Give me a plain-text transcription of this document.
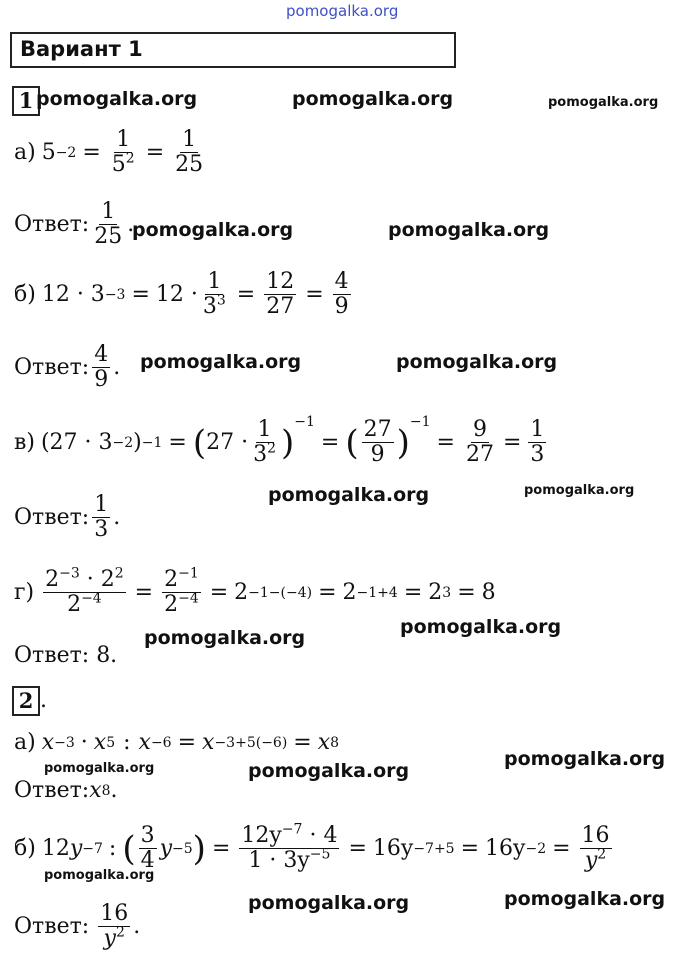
pomogalka.org
Вариант 1
1 pomogalka.org	pomogalka.org	pomogalka.org
а) $5 -2 = \frac{1}{5^2} = \frac{1}{25}$
Ответ: $\frac{1}{25}$ .
pomogalka.org	pomogalka.org
б) $12 \cdot 3 -3 = 12 \cdot \frac{1}{3^3} = \frac{12}{27} = \frac{4}{9}$
Ответ: $\frac{4}{9}$ . pomogalka.org	pomogalka.org
в) (27 · 3 −2 ) −1 = ( $27 \cdot \frac{1}{3^2}$ )
−1
= ( $\frac{27}{9}$ )
−1
= $\frac{9}{27} = \frac{1}{3}$
pomogalka.org	pomogalka.org
Ответ: $\frac{1}{3}$ .
$г) \frac{2^{-3} \cdot 2^2}{2^{-4}} = \frac{2^{-1}}{2^{-4}} = 2 -1-(-4) = 2 -1+4 = 2$ 3 = 8
pomogalka.org
pomogalka.org
Ответ: 8.
2 .
а) x −3 · x 5 : x −6 = x −3+5(−6) = x 8
pomogalka.org	pomogalka.org
pomogalka.org
Ответ: x 8 .
б) 12 y −7 : ( $\frac{3}{4}$ y −5 ) = $\frac{12y^{-7} \cdot 4}{1 \cdot 3y^{-5}} = 16y -7+5 = 16y -2 = \frac{16}{y^2}$
pomogalka.org
pomogalka.org	pomogalka.org
Ответ: $\frac{16}{y^2}$ .
